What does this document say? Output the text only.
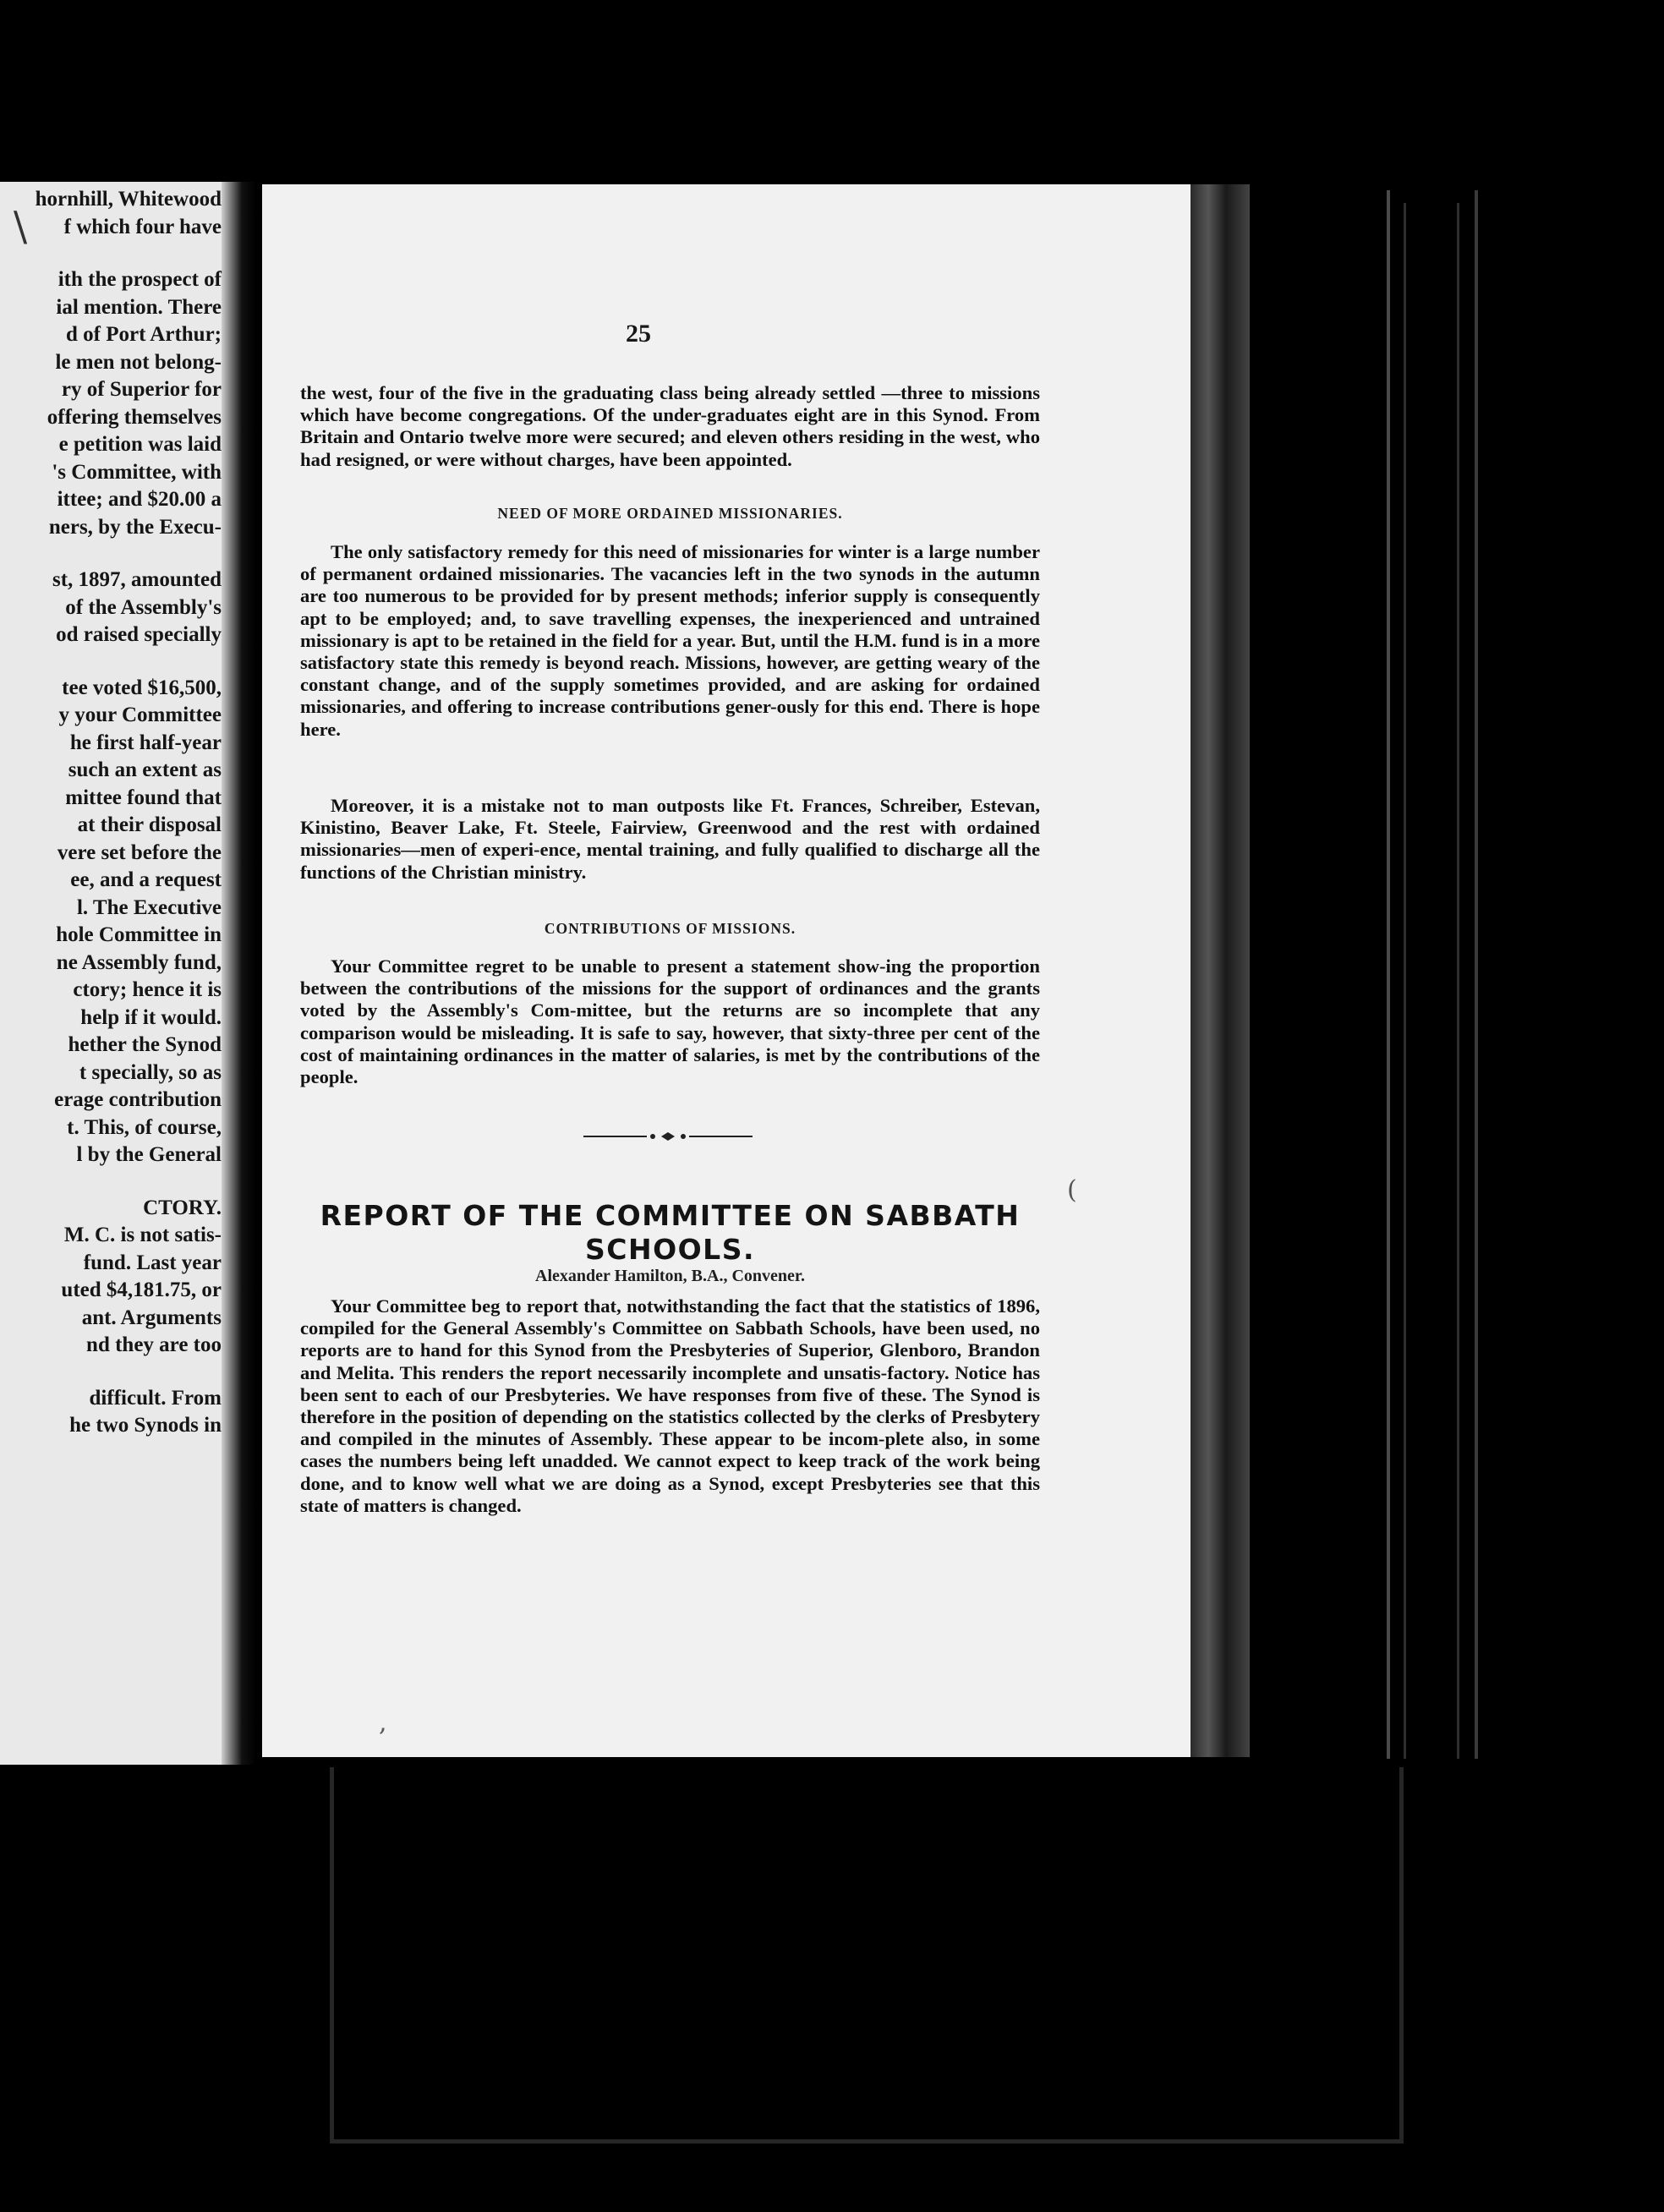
\
hornhill, Whitewood
f which four have
ith the prospect of
ial mention. There
d of Port Arthur;
le men not belong-
ry of Superior for
offering themselves
e petition was laid
's Committee, with
ittee; and $20.00 a
ners, by the Execu-
st, 1897, amounted
of the Assembly's
od raised specially
tee voted $16,500,
y your Committee
he first half-year
such an extent as
mittee found that
at their disposal
vere set before the
ee, and a request
l. The Executive
hole Committee in
ne Assembly fund,
ctory; hence it is
help if it would.
hether the Synod
t specially, so as
erage contribution
t. This, of course,
l by the General
CTORY.
M. C. is not satis-
fund. Last year
uted $4,181.75, or
ant. Arguments
nd they are too
difficult. From
he two Synods in
25

the west, four of the five in the graduating class being already settled —three to missions which have become congregations. Of the under-graduates eight are in this Synod. From Britain and Ontario twelve more were secured; and eleven others residing in the west, who had resigned, or were without charges, have been appointed.

NEED OF MORE ORDAINED MISSIONARIES.

The only satisfactory remedy for this need of missionaries for winter is a large number of permanent ordained missionaries. The vacancies left in the two synods in the autumn are too numerous to be provided for by present methods; inferior supply is consequently apt to be employed; and, to save travelling expenses, the inexperienced and untrained missionary is apt to be retained in the field for a year. But, until the H.M. fund is in a more satisfactory state this remedy is beyond reach. Missions, however, are getting weary of the constant change, and of the supply sometimes provided, and are asking for ordained missionaries, and offering to increase contributions gener-ously for this end. There is hope here.

Moreover, it is a mistake not to man outposts like Ft. Frances, Schreiber, Estevan, Kinistino, Beaver Lake, Ft. Steele, Fairview, Greenwood and the rest with ordained missionaries—men of experi-ence, mental training, and fully qualified to discharge all the functions of the Christian ministry.

CONTRIBUTIONS OF MISSIONS.

Your Committee regret to be unable to present a statement show-ing the proportion between the contributions of the missions for the support of ordinances and the grants voted by the Assembly's Com-mittee, but the returns are so incomplete that any comparison would be misleading. It is safe to say, however, that sixty-three per cent of the cost of maintaining ordinances in the matter of salaries, is met by the contributions of the people.

REPORT OF THE COMMITTEE ON SABBATH
SCHOOLS.
Alexander Hamilton, B.A., Convener.

Your Committee beg to report that, notwithstanding the fact that the statistics of 1896, compiled for the General Assembly's Committee on Sabbath Schools, have been used, no reports are to hand for this Synod from the Presbyteries of Superior, Glenboro, Brandon and Melita. This renders the report necessarily incomplete and unsatis-factory. Notice has been sent to each of our Presbyteries. We have responses from five of these. The Synod is therefore in the position of depending on the statistics collected by the clerks of Presbytery and compiled in the minutes of Assembly. These appear to be incom-plete also, in some cases the numbers being left unadded. We cannot expect to keep track of the work being done, and to know well what we are doing as a Synod, except Presbyteries see that this state of matters is changed.

(
,
